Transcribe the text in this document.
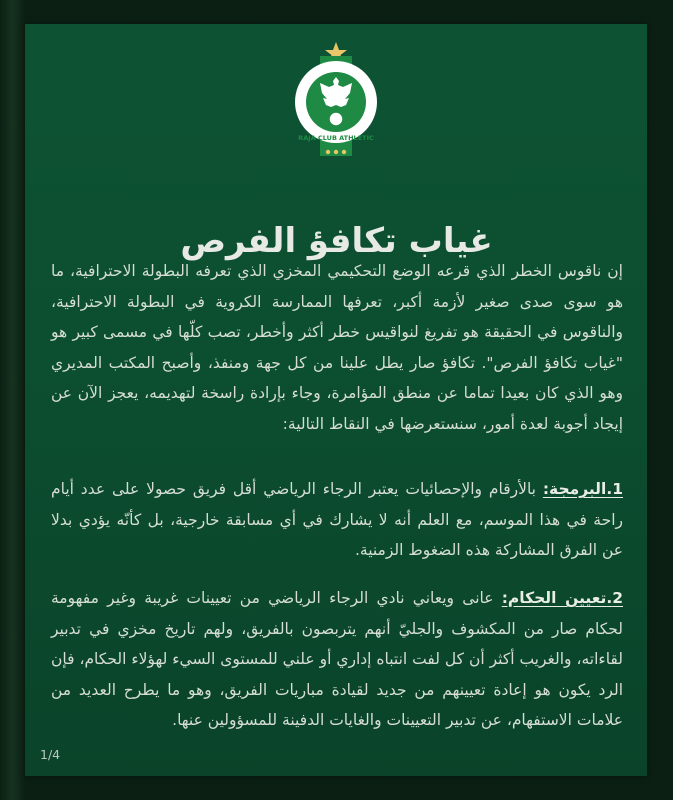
RAJA CLUB ATHLETIC
غياب تكافؤ الفرص

إن ناقوس الخطر الذي قرعه الوضع التحكيمي المخزي الذي تعرفه البطولة الاحترافية، ما هو سوى صدى صغير لأزمة أكبر، تعرفها الممارسة الكروية في البطولة الاحترافية، والناقوس في الحقيقة هو تفريغ لنواقيس خطر أكثر وأخطر، تصب كلّها في مسمى كبير هو "غياب تكافؤ الفرص". تكافؤ صار يطل علينا من كل جهة ومنفذ، وأصبح المكتب المديري وهو الذي كان بعيدا تماما عن منطق المؤامرة، وجاء بإرادة راسخة لتهديمه، يعجز الآن عن إيجاد أجوبة لعدة أمور، سنستعرضها في النقاط التالية:

1.البرمجة: بالأرقام والإحصائيات يعتبر الرجاء الرياضي أقل فريق حصولا على عدد أيام راحة في هذا الموسم، مع العلم أنه لا يشارك في أي مسابقة خارجية، بل كأنّه يؤدي بدلا عن الفرق المشاركة هذه الضغوط الزمنية.

2.تعيين الحكام: عانى ويعاني نادي الرجاء الرياضي من تعيينات غريبة وغير مفهومة لحكام صار من المكشوف والجليّ أنهم يتربصون بالفريق، ولهم تاريخ مخزي في تدبير لقاءاته، والغريب أكثر أن كل لفت انتباه إداري أو علني للمستوى السيء لهؤلاء الحكام، فإن الرد يكون هو إعادة تعيينهم من جديد لقيادة مباريات الفريق، وهو ما يطرح العديد من علامات الاستفهام، عن تدبير التعيينات والغايات الدفينة للمسؤولين عنها.

1/4
